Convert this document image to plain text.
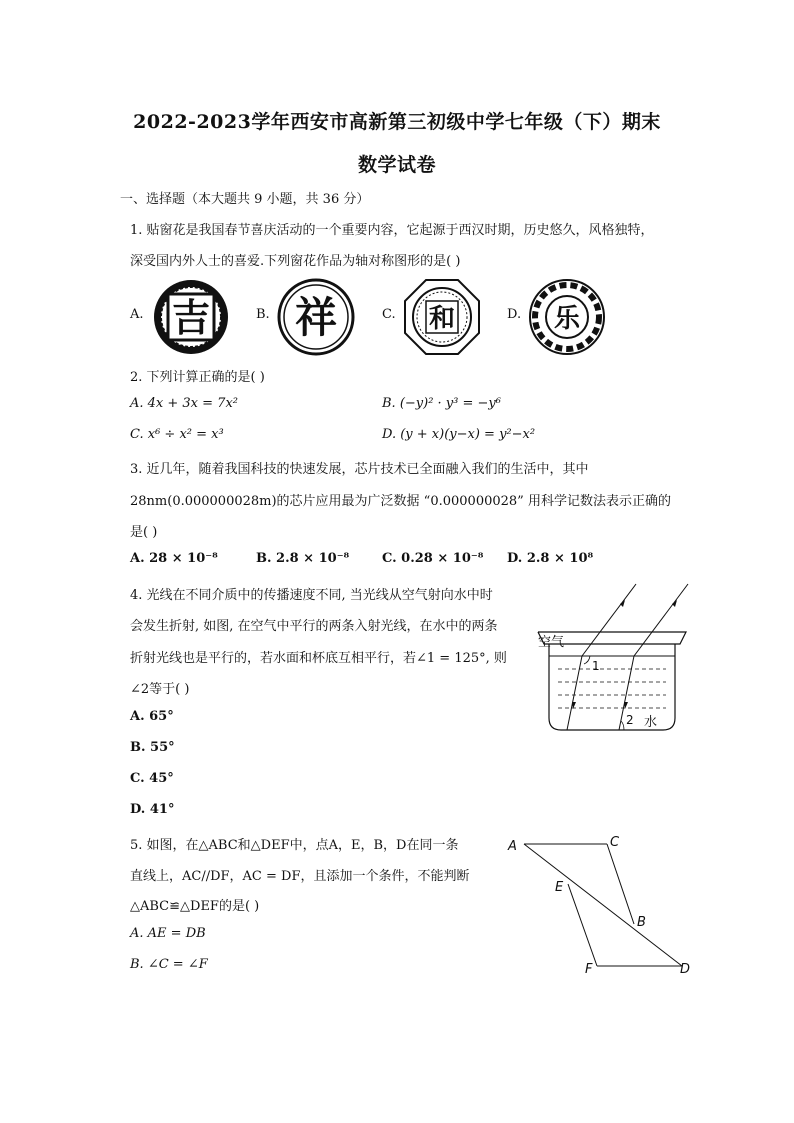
2022-2023学年西安市高新第三初级中学七年级（下）期末
数学试卷
一、选择题（本大题共 9 小题，共 36 分）
1. 贴窗花是我国春节喜庆活动的一个重要内容，它起源于西汉时期，历史悠久，风格独特，
深受国内外人士的喜爱.下列窗花作品为轴对称图形的是( )
A. 吉	B. 祥	C. 和	D. 乐
2. 下列计算正确的是( )
A. 4x + 3x = 7x²	B. (−y)² · y³ = −y⁶
C. x⁶ ÷ x² = x³	D. (y + x)(y−x) = y²−x²
3. 近几年，随着我国科技的快速发展，芯片技术已全面融入我们的生活中，其中
28nm(0.000000028m)的芯片应用最为广泛数据 “0.000000028” 用科学记数法表示正确的
是( )
A. 28 × 10⁻⁸	B. 2.8 × 10⁻⁸	C. 0.28 × 10⁻⁸ D. 2.8 × 10⁸
4. 光线在不同介质中的传播速度不同, 当光线从空气射向水中时
会发生折射, 如图, 在空气中平行的两条入射光线，在水中的两条
折射光线也是平行的，若水面和杯底互相平行，若∠1 = 125°, 则
∠2等于( )
A. 65°
B. 55°
C. 45°
D. 41°
空气
1
2 水
5. 如图，在△ABC和△DEF中，点A，E，B，D在同一条
直线上，AC//DF，AC = DF，且添加一个条件，不能判断
△ABC≌△DEF的是( )
A. AE = DB
B. ∠C = ∠F
A	C
E
B
F	D
